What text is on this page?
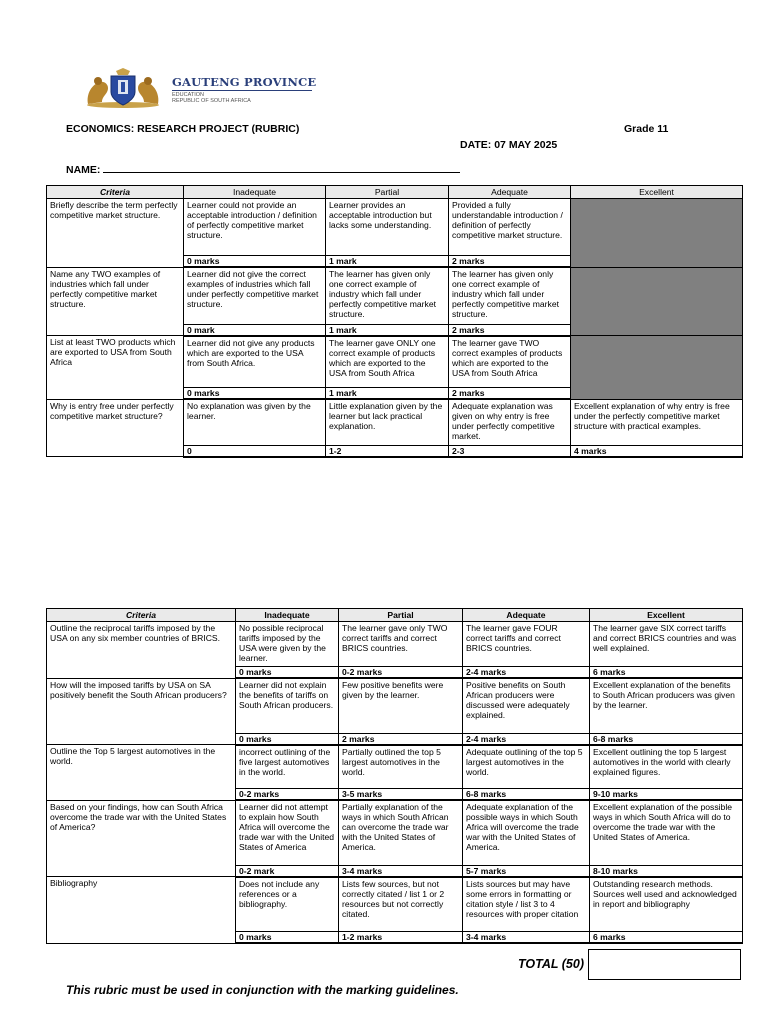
GAUTENG PROVINCE
EDUCATION
REPUBLIC OF SOUTH AFRICA
ECONOMICS: RESEARCH PROJECT (RUBRIC)	Grade 11
DATE: 07 MAY 2025
NAME:
Criteria	Inadequate	Partial	Adequate	Excellent
Briefly describe the term perfectly competitive market structure.	Learner could not provide an acceptable introduction / definition of perfectly competitive market structure.	Learner provides an acceptable introduction but lacks some understanding.	Provided a fully understandable introduction / definition of perfectly competitive market structure.	
	0 marks	1 mark	2 marks	
Name any TWO examples of industries which fall under perfectly competitive market structure.	Learner did not give the correct examples of industries which fall under perfectly competitive market structure.	The learner has given only one correct example of industry which fall under perfectly competitive market structure.	The learner has given only one correct example of industry which fall under perfectly competitive market structure.	
	0 mark	1 mark	2 marks	
List at least TWO products which are exported to USA from South Africa	Learner did not give any products which are exported to the USA from South Africa.	The learner gave ONLY one correct example of products which are exported to the USA from South Africa	The learner gave TWO correct examples of products which are exported to the USA from South Africa	
	0 marks	1 mark	2 marks	
Why is entry free under perfectly competitive market structure?	No explanation was given by the learner.	Little explanation given by the learner but lack practical explanation.	Adequate explanation was given on why entry is free under perfectly competitive market.	Excellent explanation of why entry is free under the perfectly competitive market structure with practical examples.
	0	1-2	2-3	4 marks
Criteria	Inadequate	Partial	Adequate	Excellent
Outline the reciprocal tariffs imposed by the USA on any six member countries of BRICS.	No possible reciprocal tariffs imposed by the USA were given by the learner.	The learner gave only TWO correct tariffs and correct BRICS countries.	The learner gave FOUR correct tariffs and correct BRICS countries.	The learner gave SIX correct tariffs and correct BRICS countries and was well explained.
	0 marks	0-2 marks	2-4 marks	6 marks
How will the imposed tariffs by USA on SA positively benefit the South African producers?	Learner did not explain the benefits of tariffs on South African producers.	Few positive benefits were given by the learner.	Positive benefits on South African producers were discussed were adequately explained.	Excellent explanation of the benefits to South African producers was given by the learner.
	0 marks	2 marks	2-4 marks	6-8 marks
Outline the Top 5 largest automotives in the world.	incorrect outlining of the five largest automotives in the world.	Partially outlined the top 5 largest automotives in the world.	Adequate outlining of the top 5 largest automotives in the world.	Excellent outlining the top 5 largest automotives in the world with clearly explained figures.
	0-2 marks	3-5 marks	6-8 marks	9-10 marks
Based on your findings, how can South Africa overcome the trade war with the United States of America?	Learner did not attempt to explain how South Africa will overcome the trade war with the United States of America	Partially explanation of the ways in which South African can overcome the trade war with the United States of America.	Adequate explanation of the possible ways in which South Africa will overcome the trade war with the United States of America.	Excellent explanation of the possible ways in which South Africa will do to overcome the trade war with the United States of America.
	0-2 mark	3-4 marks	5-7 marks	8-10 marks
Bibliography	Does not include any references or a bibliography.	Lists few sources, but not correctly citated / list 1 or 2 resources but not correctly citated.	Lists sources but may have some errors in formatting or citation style / list 3 to 4 resources with proper citation	Outstanding research methods. Sources well used and acknowledged in report and bibliography
	0 marks	1-2 marks	3-4 marks	6 marks
TOTAL (50)
This rubric must be used in conjunction with the marking guidelines.
